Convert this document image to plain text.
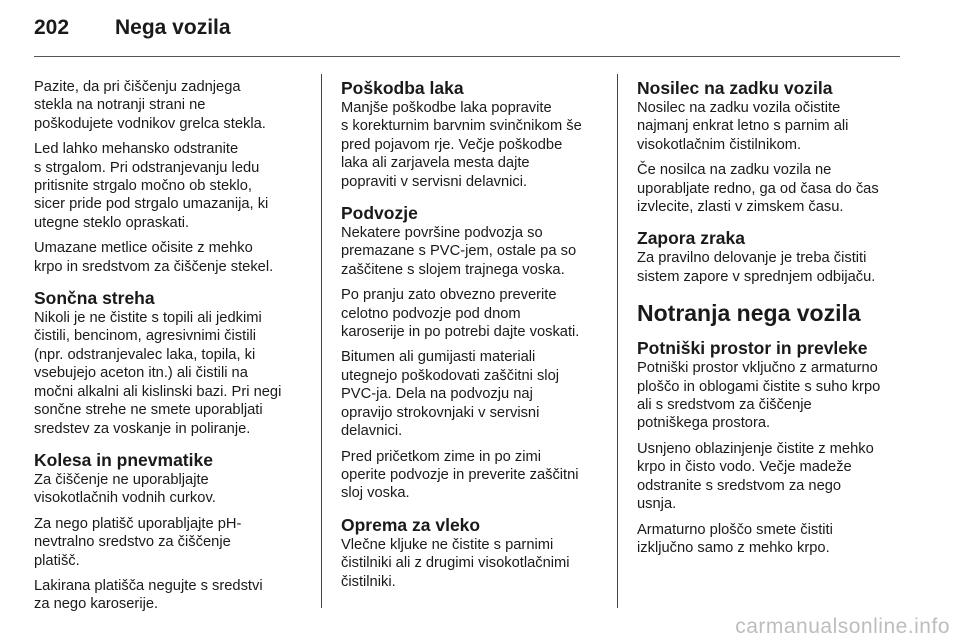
202	Nega vozila

Pazite, da pri čiščenju zadnjega
stekla na notranji strani ne
poškodujete vodnikov grelca stekla.

Led lahko mehansko odstranite
s strgalom. Pri odstranjevanju ledu
pritisnite strgalo močno ob steklo,
sicer pride pod strgalo umazanija, ki
utegne steklo opraskati.

Umazane metlice očisite z mehko
krpo in sredstvom za čiščenje stekel.

Sončna streha

Nikoli je ne čistite s topili ali jedkimi
čistili, bencinom, agresivnimi čistili
(npr. odstranjevalec laka, topila, ki
vsebujejo aceton itn.) ali čistili na
močni alkalni ali kislinski bazi. Pri negi
sončne strehe ne smete uporabljati
sredstev za voskanje in poliranje.

Kolesa in pnevmatike

Za čiščenje ne uporabljajte
visokotlačnih vodnih curkov.

Za nego platišč uporabljajte pH-
nevtralno sredstvo za čiščenje
platišč.

Lakirana platišča negujte s sredstvi
za nego karoserije.

Poškodba laka

Manjše poškodbe laka popravite
s korekturnim barvnim svinčnikom še
pred pojavom rje. Večje poškodbe
laka ali zarjavela mesta dajte
popraviti v servisni delavnici.

Podvozje

Nekatere površine podvozja so
premazane s PVC-jem, ostale pa so
zaščitene s slojem trajnega voska.

Po pranju zato obvezno preverite
celotno podvozje pod dnom
karoserije in po potrebi dajte voskati.

Bitumen ali gumijasti materiali
utegnejo poškodovati zaščitni sloj
PVC-ja. Dela na podvozju naj
opravijo strokovnjaki v servisni
delavnici.

Pred pričetkom zime in po zimi
operite podvozje in preverite zaščitni
sloj voska.

Oprema za vleko

Vlečne kljuke ne čistite s parnimi
čistilniki ali z drugimi visokotlačnimi
čistilniki.

Nosilec na zadku vozila

Nosilec na zadku vozila očistite
najmanj enkrat letno s parnim ali
visokotlačnim čistilnikom.

Če nosilca na zadku vozila ne
uporabljate redno, ga od časa do čas
izvlecite, zlasti v zimskem času.

Zapora zraka

Za pravilno delovanje je treba čistiti
sistem zapore v sprednjem odbijaču.

Notranja nega vozila
Potniški prostor in prevleke

Potniški prostor vključno z armaturno
ploščo in oblogami čistite s suho krpo
ali s sredstvom za čiščenje
potniškega prostora.

Usnjeno oblazinjenje čistite z mehko
krpo in čisto vodo. Večje madeže
odstranite s sredstvom za nego
usnja.

Armaturno ploščo smete čistiti
izključno samo z mehko krpo.

carmanualsonline.info
